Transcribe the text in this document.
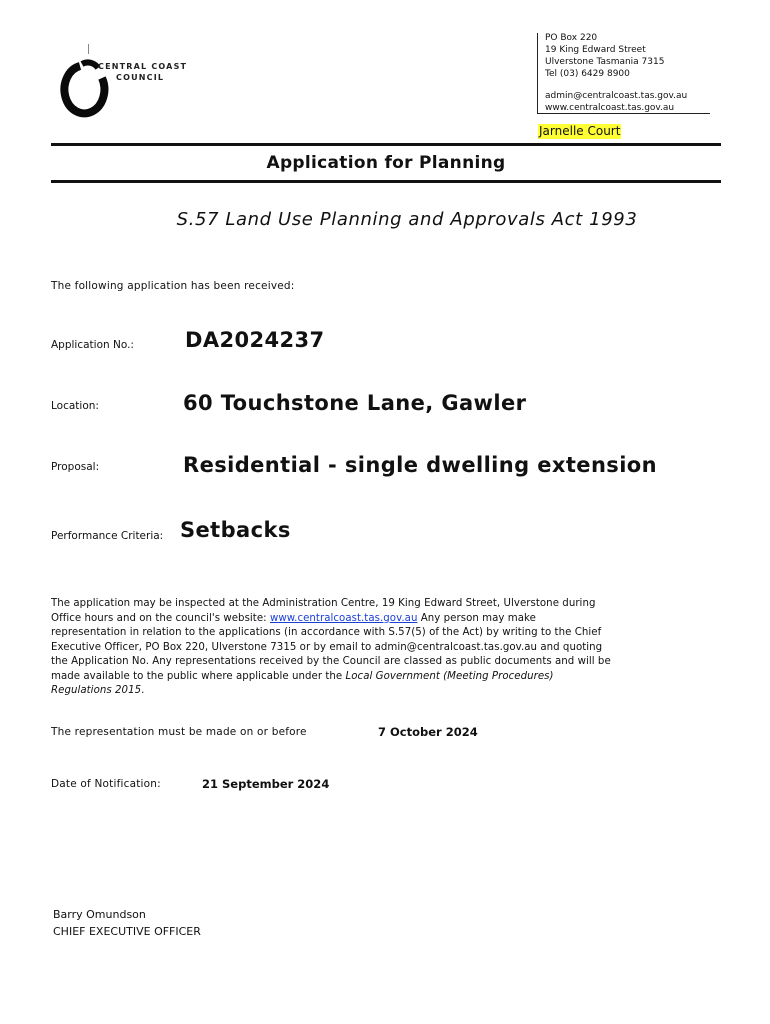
CENTRAL COAST
COUNCIL
PO Box 220
19 King Edward Street
Ulverstone Tasmania 7315
Tel (03) 6429 8900
admin@centralcoast.tas.gov.au
www.centralcoast.tas.gov.au
Jarnelle Court
Application for Planning
S.57 Land Use Planning and Approvals Act 1993
The following application has been received:
Application No.: DA2024237
Location:	60 Touchstone Lane, Gawler
Proposal:	Residential - single dwelling extension
Performance Criteria: Setbacks
The application may be inspected at the Administration Centre, 19 King Edward Street, Ulverstone during Office hours and on the council's website: www.centralcoast.tas.gov.au Any person may make representation in relation to the applications (in accordance with S.57(5) of the Act) by writing to the Chief Executive Officer, PO Box 220, Ulverstone 7315 or by email to admin@centralcoast.tas.gov.au and quoting the Application No. Any representations received by the Council are classed as public documents and will be made available to the public where applicable under the Local Government (Meeting Procedures) Regulations 2015.
The representation must be made on or before	7 October 2024
Date of Notification:	21 September 2024
Barry Omundson
CHIEF EXECUTIVE OFFICER
